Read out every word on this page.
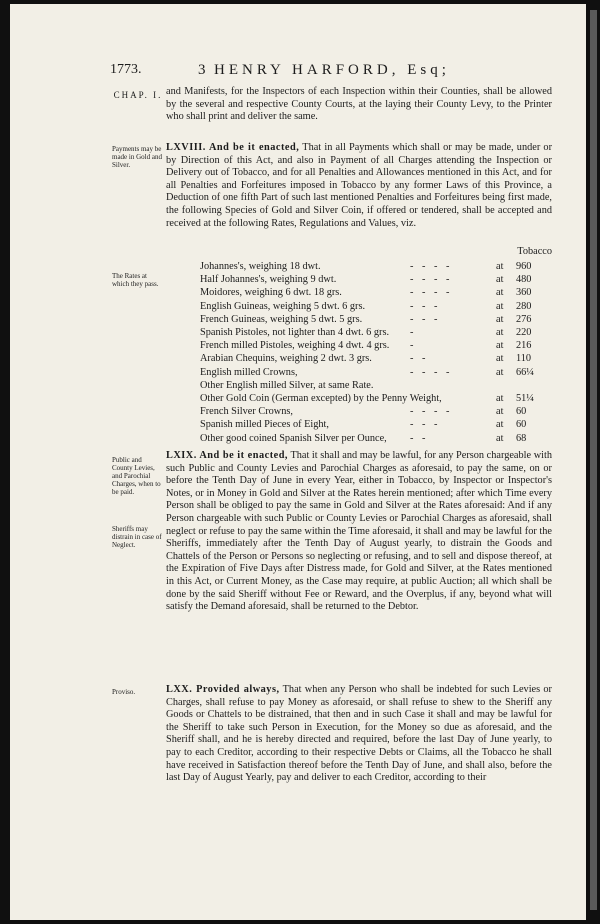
1773.	3 HENRY HARFORD, Esq;
CHAP. I. and Manifests, for the Inspectors of each Inspection within their Counties, shall be allowed by the several and respective County Courts, at the laying their County Levy, to the Printer who shall print and deliver the same.

Payments may be made in Gold and Silver.

LXVIII. And be it enacted, That in all Payments which shall or may be made, under or by Direction of this Act, and also in Payment of all Charges attending the Inspection or Delivery out of Tobacco, and for all Penalties and Allowances mentioned in this Act, and for all Penalties and Forfeitures imposed in Tobacco by any former Laws of this Province, a Deduction of one fifth Part of such last mentioned Penalties and Forfeitures being first made, the following Species of Gold and Silver Coin, if offered or tendered, shall be accepted and received at the following Rates, Regulations and Values, viz.

The Rates at which they pass.
Tobacco
Johannes's, weighing 18 dwt.	- - - -	at 960
Half Johannes's, weighing 9 dwt.	- - - -	at 480
Moidores, weighing 6 dwt. 18 grs.	- - - -	at 360
English Guineas, weighing 5 dwt. 6 grs.	- - -	at 280
French Guineas, weighing 5 dwt. 5 grs.	- - -	at 276
Spanish Pistoles, not lighter than 4 dwt. 6 grs. -	at 220
French milled Pistoles, weighing 4 dwt. 4 grs. -	at 216
Arabian Chequins, weighing 2 dwt. 3 grs.	- -	at 110
English milled Crowns,	- - - -	at 66¼
Other English milled Silver, at same Rate.
Other Gold Coin (German excepted) by the Penny Weight,	at 51¼
French Silver Crowns,	- - - -	at 60
Spanish milled Pieces of Eight,	- - -	at 60
Other good coined Spanish Silver per Ounce, - -	at 68
Public and County Levies, and Parochial Charges, when to be paid.
Sheriffs may distrain in case of Neglect.

LXIX. And be it enacted, That it shall and may be lawful, for any Person chargeable with such Public and County Levies and Parochial Charges as aforesaid, to pay the same, on or before the Tenth Day of June in every Year, either in Tobacco, by Inspector or Inspector's Notes, or in Money in Gold and Silver at the Rates herein mentioned; after which Time every Person shall be obliged to pay the same in Gold and Silver at the Rates aforesaid: And if any Person chargeable with such Public or County Levies or Parochial Charges as aforesaid, shall neglect or refuse to pay the same within the Time aforesaid, it shall and may be lawful for the Sheriffs, immediately after the Tenth Day of August yearly, to distrain the Goods and Chattels of the Person or Persons so neglecting or refusing, and to sell and dispose thereof, at the Expiration of Five Days after Distress made, for Gold and Silver, at the Rates mentioned in this Act, or Current Money, as the Case may require, at public Auction; all which shall be done by the said Sheriff without Fee or Reward, and the Overplus, if any, beyond what will satisfy the Demand aforesaid, shall be returned to the Debtor.

Proviso.	LXX. Provided always, That when any Person who shall be indebted for such Levies or Charges, shall refuse to pay Money as aforesaid, or shall refuse to shew to the Sheriff any Goods or Chattels to be distrained, that then and in such Case it shall and may be lawful for the Sheriff to take such Person in Execution, for the Money so due as aforesaid, and the Sheriff shall, and he is hereby directed and required, before the last Day of June yearly, to pay to each Creditor, according to their respective Debts or Claims, all the Tobacco he shall have received in Satisfaction thereof before the Tenth Day of June, and shall also, before the last Day of August Yearly, pay and deliver to each Creditor, according to their
